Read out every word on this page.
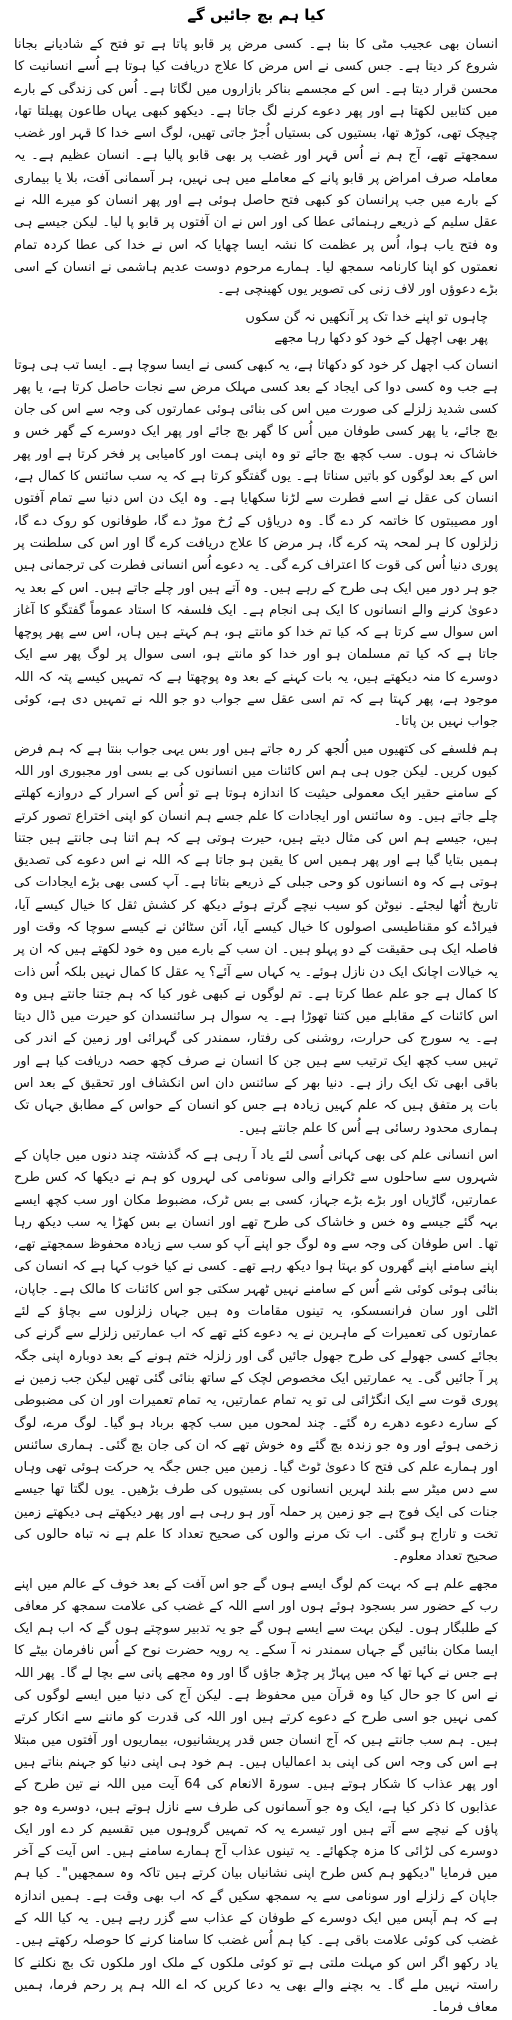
کیا ہم بچ جائیں گے

انسان بھی عجیب مٹی کا بنا ہے۔ کسی مرض پر قابو پاتا ہے تو فتح کے شادیانے بجانا شروع کر دیتا ہے۔ جس کسی نے اس مرض کا علاج دریافت کیا ہوتا ہے اُسے انسانیت کا محسن قرار دیتا ہے۔ اس کے مجسمے بناکر بازاروں میں لگاتا ہے۔ اُس کی زندگی کے بارے میں کتابیں لکھتا ہے اور پھر دعوے کرنے لگ جاتا ہے۔ دیکھو کبھی یہاں طاعون پھیلتا تھا، چیچک تھی، کوڑھ تھا، بستیوں کی بستیاں اُجڑ جاتی تھیں، لوگ اسے خدا کا قہر اور غضب سمجھتے تھے، آج ہم نے اُس قہر اور غضب پر بھی قابو پالیا ہے۔ انسان عظیم ہے۔ یہ معاملہ صرف امراض پر قابو پانے کے معاملے میں ہی نہیں، ہر آسمانی آفت، بلا یا بیماری کے بارے میں جب پرانسان کو کبھی فتح حاصل ہوئی ہے اور پھر انسان کو میرے اللہ نے عقل سلیم کے ذریعے رہنمائی عطا کی اور اس نے ان آفتوں پر قابو پا لیا۔ لیکن جیسے ہی وہ فتح یاب ہوا، اُس پر عظمت کا نشہ ایسا چھایا کہ اس نے خدا کی عطا کردہ تمام نعمتوں کو اپنا کارنامہ سمجھ لیا۔ ہمارے مرحوم دوست عدیم ہاشمی نے انسان کے اسی بڑے دعوؤں اور لاف زنی کی تصویر یوں کھینچی ہے۔

چاہوں تو اپنے خدا تک پر آنکھیں نہ گن سکوں

پھر بھی اچھل کے خود کو دکھا رہا مجھے

انسان کب اچھل کر خود کو دکھاتا ہے، یہ کبھی کسی نے ایسا سوچا ہے۔ ایسا تب ہی ہوتا ہے جب وہ کسی دوا کی ایجاد کے بعد کسی مہلک مرض سے نجات حاصل کرتا ہے، یا پھر کسی شدید زلزلے کی صورت میں اس کی بنائی ہوئی عمارتوں کی وجہ سے اس کی جان بچ جائے، یا پھر کسی طوفان میں اُس کا گھر بچ جائے اور پھر ایک دوسرے کے گھر خس و خاشاک نہ ہوں۔ سب کچھ بچ جائے تو وہ اپنی ہمت اور کامیابی پر فخر کرتا ہے اور پھر اس کے بعد لوگوں کو باتیں سناتا ہے۔ یوں گفتگو کرتا ہے کہ یہ سب سائنس کا کمال ہے، انسان کی عقل نے اسے فطرت سے لڑنا سکھایا ہے۔ وہ ایک دن اس دنیا سے تمام آفتوں اور مصیبتوں کا خاتمہ کر دے گا۔ وہ دریاؤں کے رُخ موڑ دے گا، طوفانوں کو روک دے گا، زلزلوں کا ہر لمحہ پتہ کرے گا، ہر مرض کا علاج دریافت کرے گا اور اس کی سلطنت پر پوری دنیا اُس کی قوت کا اعتراف کرے گی۔ یہ دعوے اُس انسانی فطرت کی ترجمانی ہیں جو ہر دور میں ایک ہی طرح کے رہے ہیں۔ وہ آتے ہیں اور چلے جاتے ہیں۔ اس کے بعد یہ دعویٰ کرنے والے انسانوں کا ایک ہی انجام ہے۔ ایک فلسفہ کا استاد عموماً گفتگو کا آغاز اس سوال سے کرتا ہے کہ کیا تم خدا کو مانتے ہو، ہم کہتے ہیں ہاں، اس سے پھر پوچھا جاتا ہے کہ کیا تم مسلمان ہو اور خدا کو مانتے ہو، اسی سوال پر لوگ پھر سے ایک دوسرے کا منہ دیکھتے ہیں، یہ بات کہنے کے بعد وہ پوچھتا ہے کہ تمہیں کیسے پتہ کہ اللہ موجود ہے، پھر کہتا ہے کہ تم اسی عقل سے جواب دو جو اللہ نے تمہیں دی ہے، کوئی جواب نہیں بن پاتا۔

ہم فلسفے کی کتھیوں میں اُلجھ کر رہ جاتے ہیں اور بس یہی جواب بنتا ہے کہ ہم فرض کیوں کریں۔ لیکن جوں ہی ہم اس کائنات میں انسانوں کی بے بسی اور مجبوری اور اللہ کے سامنے حقیر ایک معمولی حیثیت کا اندازہ ہوتا ہے تو اُس کے اسرار کے دروازے کھلتے چلے جاتے ہیں۔ وہ سائنس اور ایجادات کا علم جسے ہم انسان کو اپنی اختراع تصور کرتے ہیں، جیسے ہم اس کی مثال دیتے ہیں، حیرت ہوتی ہے کہ ہم اتنا ہی جانتے ہیں جتنا ہمیں بتایا گیا ہے اور پھر ہمیں اس کا یقین ہو جاتا ہے کہ اللہ نے اس دعوے کی تصدیق ہوتی ہے کہ وہ انسانوں کو وحی جبلی کے ذریعے بتاتا ہے۔ آپ کسی بھی بڑے ایجادات کی تاریخ اُٹھا لیجئے۔ نیوٹن کو سیب نیچے گرتے ہوئے دیکھ کر کشش ثقل کا خیال کیسے آیا، فیراڈے کو مقناطیسی اصولوں کا خیال کیسے آیا، آئن سٹائن نے کیسے سوچا کہ وقت اور فاصلہ ایک ہی حقیقت کے دو پہلو ہیں۔ ان سب کے بارے میں وہ خود لکھتے ہیں کہ ان پر یہ خیالات اچانک ایک دن نازل ہوئے۔ یہ کہاں سے آئے؟ یہ عقل کا کمال نہیں بلکہ اُس ذات کا کمال ہے جو علم عطا کرتا ہے۔ تم لوگوں نے کبھی غور کیا کہ ہم جتنا جانتے ہیں وہ اس کائنات کے مقابلے میں کتنا تھوڑا ہے۔ یہ سوال ہر سائنسدان کو حیرت میں ڈال دیتا ہے۔ یہ سورج کی حرارت، روشنی کی رفتار، سمندر کی گہرائی اور زمین کے اندر کی تہیں سب کچھ ایک ترتیب سے ہیں جن کا انسان نے صرف کچھ حصہ دریافت کیا ہے اور باقی ابھی تک ایک راز ہے۔ دنیا بھر کے سائنس دان اس انکشاف اور تحقیق کے بعد اس بات پر متفق ہیں کہ علم کہیں زیادہ ہے جس کو انسان کے حواس کے مطابق جہاں تک ہماری محدود رسائی ہے اُس کا علم جانتے ہیں۔

اس انسانی علم کی بھی کہانی اُسی لئے یاد آ رہی ہے کہ گذشتہ چند دنوں میں جاپان کے شہروں سے ساحلوں سے ٹکرانے والی سونامی کی لہروں کو ہم نے دیکھا کہ کس طرح عمارتیں، گاڑیاں اور بڑے بڑے جہاز، کسی بے بس ٹرک، مضبوط مکان اور سب کچھ ایسے بہہ گئے جیسے وہ خس و خاشاک کی طرح تھے اور انسان بے بس کھڑا یہ سب دیکھ رہا تھا۔ اس طوفان کی وجہ سے وہ لوگ جو اپنے آپ کو سب سے زیادہ محفوظ سمجھتے تھے، اپنے سامنے اپنے گھروں کو بہتا ہوا دیکھ رہے تھے۔ کسی نے کیا خوب کہا ہے کہ انسان کی بنائی ہوئی کوئی شے اُس کے سامنے نہیں ٹھہر سکتی جو اس کائنات کا مالک ہے۔ جاپان، اٹلی اور سان فرانسسکو، یہ تینوں مقامات وہ ہیں جہاں زلزلوں سے بچاؤ کے لئے عمارتوں کی تعمیرات کے ماہرین نے یہ دعوے کئے تھے کہ اب عمارتیں زلزلے سے گرنے کی بجائے کسی جھولے کی طرح جھول جائیں گی اور زلزلہ ختم ہونے کے بعد دوبارہ اپنی جگہ پر آ جائیں گی۔ یہ عمارتیں ایک مخصوص لچک کے ساتھ بنائی گئی تھیں لیکن جب زمین نے پوری قوت سے ایک انگڑائی لی تو یہ تمام عمارتیں، یہ تمام تعمیرات اور ان کی مضبوطی کے سارے دعوے دھرے رہ گئے۔ چند لمحوں میں سب کچھ برباد ہو گیا۔ لوگ مرے، لوگ زخمی ہوئے اور وہ جو زندہ بچ گئے وہ خوش تھے کہ ان کی جان بچ گئی۔ ہماری سائنس اور ہمارے علم کی فتح کا دعویٰ ٹوٹ گیا۔ زمین میں جس جگہ یہ حرکت ہوئی تھی وہاں سے دس میٹر سے بلند لہریں انسانوں کی بستیوں کی طرف بڑھیں۔ یوں لگتا تھا جیسے جنات کی ایک فوج ہے جو زمین پر حملہ آور ہو رہی ہے اور پھر دیکھتے ہی دیکھتے زمین تخت و تاراج ہو گئی۔ اب تک مرنے والوں کی صحیح تعداد کا علم ہے نہ تباہ حالوں کی صحیح تعداد معلوم۔

مجھے علم ہے کہ بہت کم لوگ ایسے ہوں گے جو اس آفت کے بعد خوف کے عالم میں اپنے رب کے حضور سر بسجود ہوئے ہوں اور اسے اللہ کے غضب کی علامت سمجھ کر معافی کے طلبگار ہوں۔ لیکن بہت سے ایسے ہوں گے جو یہ تدبیر سوچتے ہوں گے کہ اب ہم ایک ایسا مکان بنائیں گے جہاں سمندر نہ آ سکے۔ یہ رویہ حضرت نوح کے اُس نافرمان بیٹے کا ہے جس نے کہا تھا کہ میں پہاڑ پر چڑھ جاؤں گا اور وہ مجھے پانی سے بچا لے گا۔ پھر اللہ نے اس کا جو حال کیا وہ قرآن میں محفوظ ہے۔ لیکن آج کی دنیا میں ایسے لوگوں کی کمی نہیں جو اسی طرح کے دعوے کرتے ہیں اور اللہ کی قدرت کو ماننے سے انکار کرتے ہیں۔ ہم سب جانتے ہیں کہ آج انسان جس قدر پریشانیوں، بیماریوں اور آفتوں میں مبتلا ہے اس کی وجہ اس کی اپنی بد اعمالیاں ہیں۔ ہم خود ہی اپنی دنیا کو جہنم بناتے ہیں اور پھر عذاب کا شکار ہوتے ہیں۔ سورۃ الانعام کی 64 آیت میں اللہ نے تین طرح کے عذابوں کا ذکر کیا ہے، ایک وہ جو آسمانوں کی طرف سے نازل ہوتے ہیں، دوسرے وہ جو پاؤں کے نیچے سے آتے ہیں اور تیسرے یہ کہ تمہیں گروہوں میں تقسیم کر دے اور ایک دوسرے کی لڑائی کا مزہ چکھائے۔ یہ تینوں عذاب آج ہمارے سامنے ہیں۔ اس آیت کے آخر میں فرمایا "دیکھو ہم کس طرح اپنی نشانیاں بیان کرتے ہیں تاکہ وہ سمجھیں"۔ کیا ہم جاپان کے زلزلے اور سونامی سے یہ سمجھ سکیں گے کہ اب بھی وقت ہے۔ ہمیں اندازہ ہے کہ ہم آپس میں ایک دوسرے کے طوفان کے عذاب سے گزر رہے ہیں۔ یہ کیا اللہ کے غضب کی کوئی علامت باقی ہے۔ کیا ہم اُس غضب کا سامنا کرنے کا حوصلہ رکھتے ہیں۔ یاد رکھو اگر اس کو مہلت ملتی ہے تو کوئی ملکوں کے ملک اور ملکوں تک بچ نکلنے کا راستہ نہیں ملے گا۔ یہ بچنے والے بھی یہ دعا کریں کہ اے اللہ ہم پر رحم فرما، ہمیں معاف فرما۔
